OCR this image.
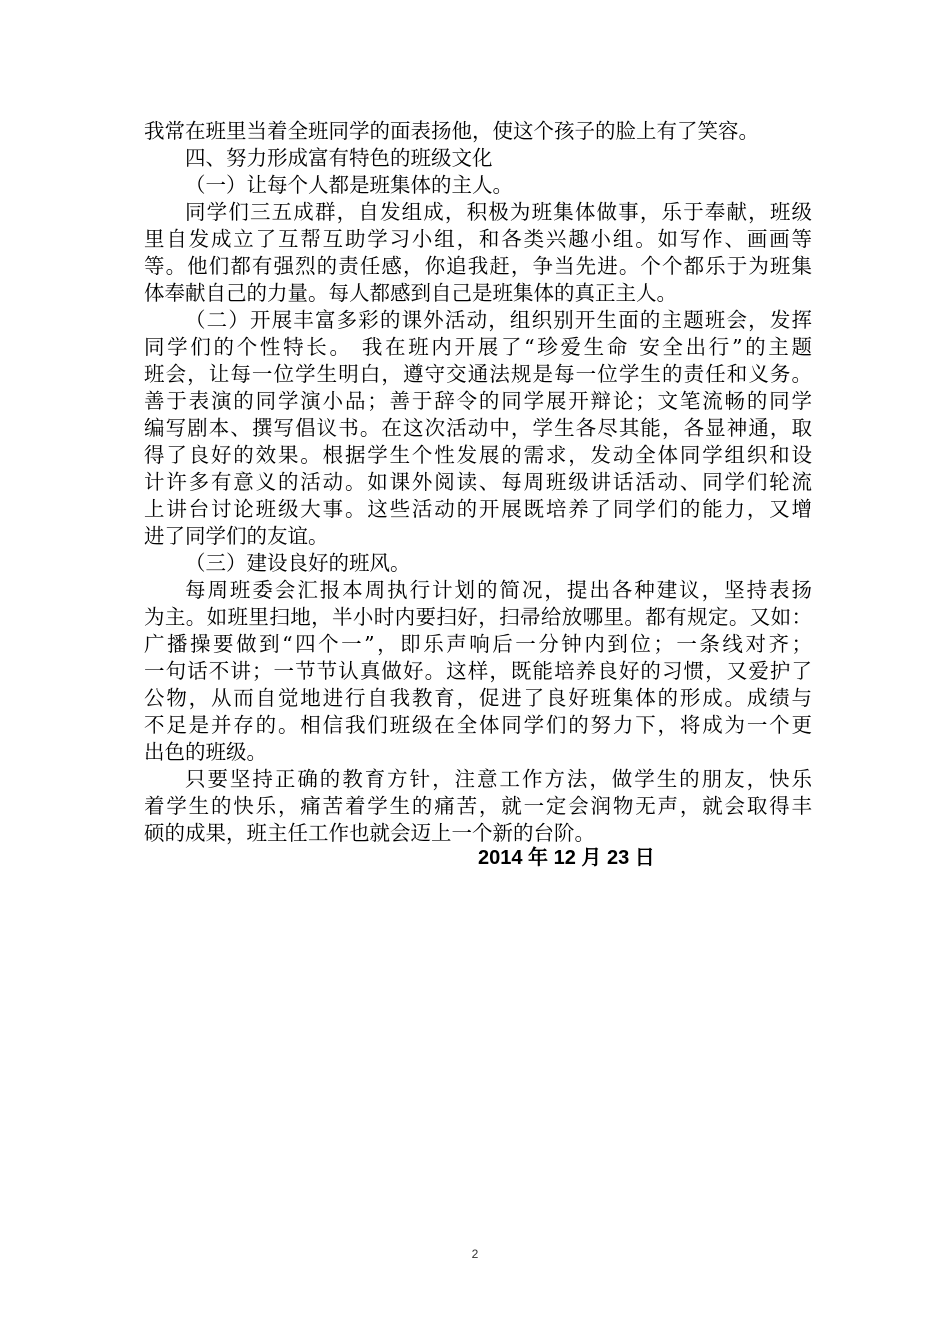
我常在班里当着全班同学的面表扬他，使这个孩子的脸上有了笑容。
四、努力形成富有特色的班级文化
（一）让每个人都是班集体的主人。
同学们三五成群，自发组成，积极为班集体做事，乐于奉献，班级
里自发成立了互帮互助学习小组，和各类兴趣小组。如写作、画画等
等。他们都有强烈的责任感，你追我赶，争当先进。个个都乐于为班集
体奉献自己的力量。每人都感到自己是班集体的真正主人。
（二）开展丰富多彩的课外活动，组织别开生面的主题班会，发挥
同学们的个性特长。 我在班内开展了“珍爱生命 安全出行”的主题
班会，让每一位学生明白，遵守交通法规是每一位学生的责任和义务。
善于表演的同学演小品；善于辞令的同学展开辩论；文笔流畅的同学
编写剧本、撰写倡议书。在这次活动中，学生各尽其能，各显神通，取
得了良好的效果。根据学生个性发展的需求，发动全体同学组织和设
计许多有意义的活动。如课外阅读、每周班级讲话活动、同学们轮流
上讲台讨论班级大事。这些活动的开展既培养了同学们的能力，又增
进了同学们的友谊。
（三）建设良好的班风。
每周班委会汇报本周执行计划的简况，提出各种建议，坚持表扬
为主。如班里扫地，半小时内要扫好，扫帚给放哪里。都有规定。又如：
广播操要做到“四个一”，即乐声响后一分钟内到位；一条线对齐；
一句话不讲；一节节认真做好。这样，既能培养良好的习惯，又爱护了
公物，从而自觉地进行自我教育，促进了良好班集体的形成。成绩与
不足是并存的。相信我们班级在全体同学们的努力下，将成为一个更
出色的班级。
只要坚持正确的教育方针，注意工作方法，做学生的朋友，快乐
着学生的快乐，痛苦着学生的痛苦，就一定会润物无声，就会取得丰
硕的成果，班主任工作也就会迈上一个新的台阶。
2014 年 12 月 23 日
2
